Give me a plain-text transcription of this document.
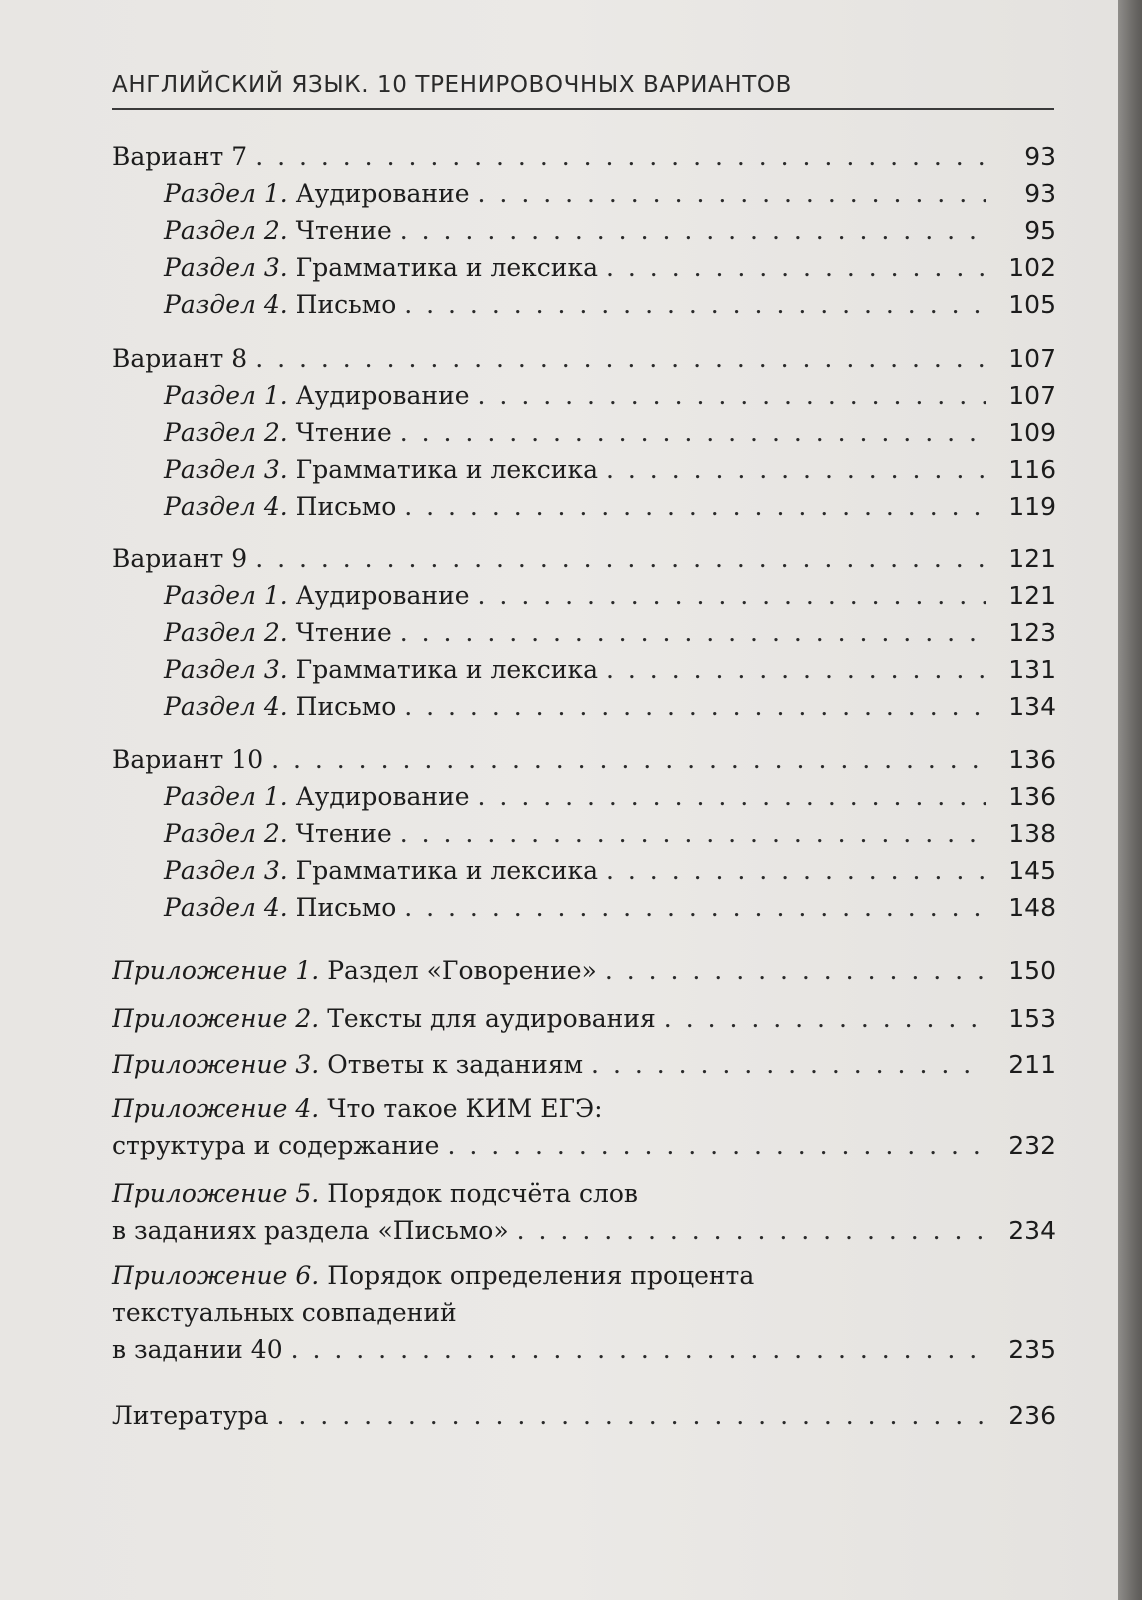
АНГЛИЙСКИЙ ЯЗЫК. 10 ТРЕНИРОВОЧНЫХ ВАРИАНТОВ
Вариант 7 . . .	93
Раздел 1.
Аудирование . . .	93
Раздел 2.
Чтение . . .	95
Раздел 3.
Грамматика и лексика . . .	102
Раздел 4.
Письмо . . .	105
Вариант 8 . . .	107
Раздел 1.
Аудирование . . .	107
Раздел 2.
Чтение . . .	109
Раздел 3.
Грамматика и лексика . . .	116
Раздел 4.
Письмо . . .	119
Вариант 9 . . .	121
Раздел 1.
Аудирование . . .	121
Раздел 2.
Чтение . . .	123
Раздел 3.
Грамматика и лексика . . .	131
Раздел 4.
Письмо . . .	134
Вариант 10 . . .	136
Раздел 1.
Аудирование . . .	136
Раздел 2.
Чтение . . .	138
Раздел 3.
Грамматика и лексика . . .	145
Раздел 4.
Письмо . . .	148
Приложение 1.
Раздел «Говорение» . . .	150
Приложение 2.
Тексты для аудирования . . .	153
Приложение 3.
Ответы к заданиям . . .	211
Приложение 4. Что такое КИМ ЕГЭ:
структура и содержание . . .	232
Приложение 5. Порядок подсчёта слов
в заданиях раздела «Письмо» . . .	234
Приложение 6. Порядок определения процента
текстуальных совпадений
в задании 40 . . .	235
Литература . . .	236
